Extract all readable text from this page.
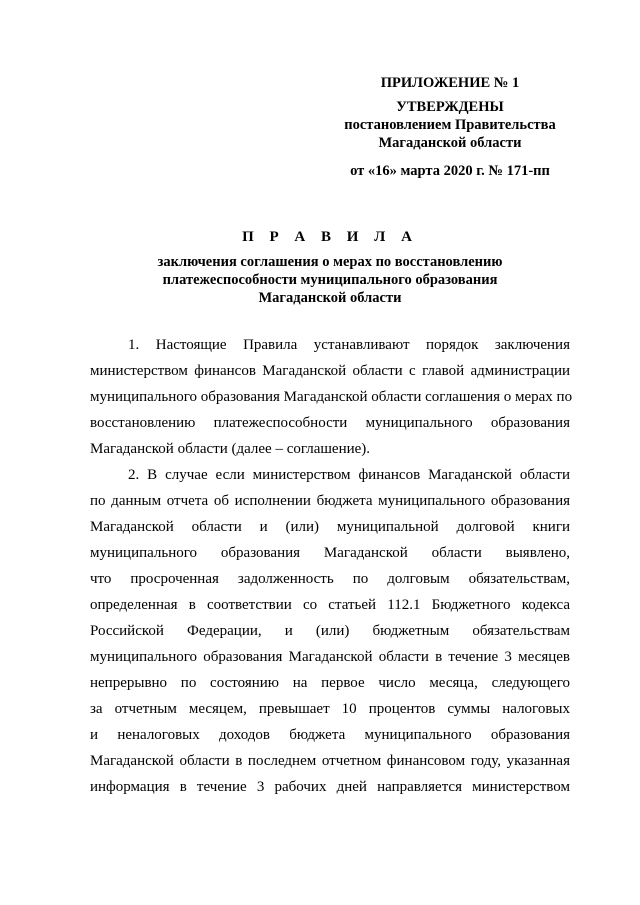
ПРИЛОЖЕНИЕ № 1
УТВЕРЖДЕНЫ
постановлением Правительства
Магаданской области
от «16» марта 2020 г. № 171-пп
П Р А В И Л А
заключения соглашения о мерах по восстановлению
платежеспособности муниципального образования
Магаданской области
1. Настоящие Правила устанавливают порядок заключения
министерством финансов Магаданской области с главой администрации
муниципального образования Магаданской области соглашения о мерах по
восстановлению платежеспособности муниципального образования
Магаданской области (далее – соглашение).
2. В случае если министерством финансов Магаданской области
по данным отчета об исполнении бюджета муниципального образования
Магаданской области и (или) муниципальной долговой книги
муниципального образования Магаданской области выявлено,
что просроченная задолженность по долговым обязательствам,
определенная в соответствии со статьей 112.1 Бюджетного кодекса
Российской Федерации, и (или) бюджетным обязательствам
муниципального образования Магаданской области в течение 3 месяцев
непрерывно по состоянию на первое число месяца, следующего
за отчетным месяцем, превышает 10 процентов суммы налоговых
и неналоговых доходов бюджета муниципального образования
Магаданской области в последнем отчетном финансовом году, указанная
информация в течение 3 рабочих дней направляется министерством
